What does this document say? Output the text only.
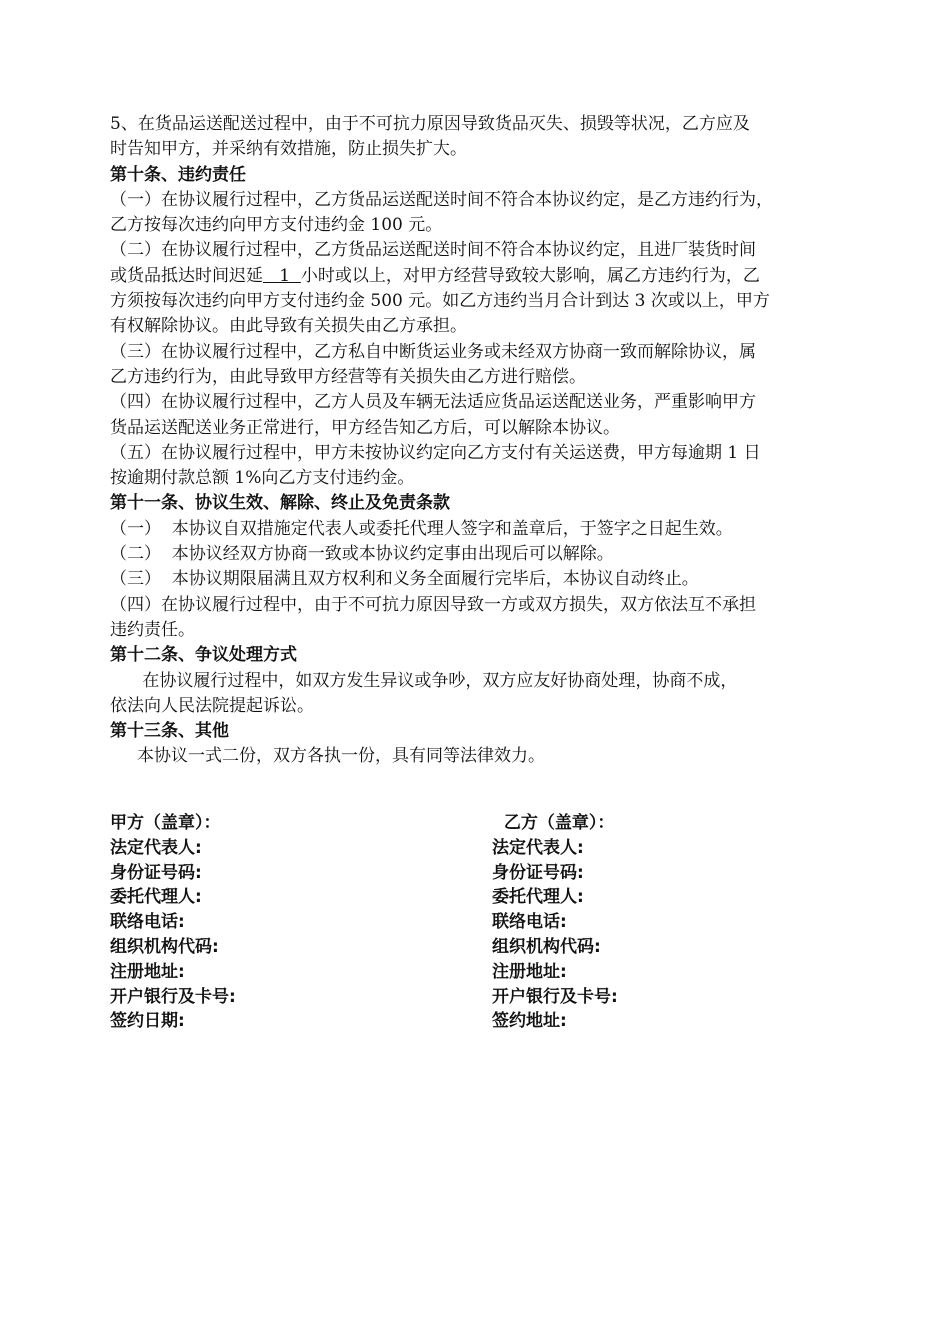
5、在货品运送配送过程中，由于不可抗力原因导致货品灭失、损毁等状况，乙方应及
时告知甲方，并采纳有效措施，防止损失扩大。
第十条、违约责任
（一）在协议履行过程中，乙方货品运送配送时间不符合本协议约定，是乙方违约行为，
乙方按每次违约向甲方支付违约金 100 元。
（二）在协议履行过程中，乙方货品运送配送时间不符合本协议约定，且进厂装货时间
或货品抵达时间迟延   1  小时或以上，对甲方经营导致较大影响，属乙方违约行为，乙
方须按每次违约向甲方支付违约金 500 元。如乙方违约当月合计到达 3 次或以上，甲方
有权解除协议。由此导致有关损失由乙方承担。
（三）在协议履行过程中，乙方私自中断货运业务或未经双方协商一致而解除协议，属
乙方违约行为，由此导致甲方经营等有关损失由乙方进行赔偿。
（四）在协议履行过程中，乙方人员及车辆无法适应货品运送配送业务，严重影响甲方
货品运送配送业务正常进行，甲方经告知乙方后，可以解除本协议。
（五）在协议履行过程中，甲方未按协议约定向乙方支付有关运送费，甲方每逾期 1 日
按逾期付款总额 1%向乙方支付违约金。
第十一条、协议生效、解除、终止及免责条款
（一）  本协议自双措施定代表人或委托代理人签字和盖章后，于签字之日起生效。
（二）  本协议经双方协商一致或本协议约定事由出现后可以解除。
（三）  本协议期限届满且双方权利和义务全面履行完毕后，本协议自动终止。
（四）在协议履行过程中，由于不可抗力原因导致一方或双方损失，双方依法互不承担
违约责任。
第十二条、争议处理方式
在协议履行过程中，如双方发生异议或争吵，双方应友好协商处理，协商不成，
依法向人民法院提起诉讼。
第十三条、其他
本协议一式二份，双方各执一份，具有同等法律效力。
甲方（盖章）：	乙方（盖章）：
法定代表人:	法定代表人:
身份证号码:	身份证号码:
委托代理人:	委托代理人:
联络电话:	联络电话:
组织机构代码:	组织机构代码:
注册地址:	注册地址:
开户银行及卡号:	开户银行及卡号:
签约日期:	签约地址:
